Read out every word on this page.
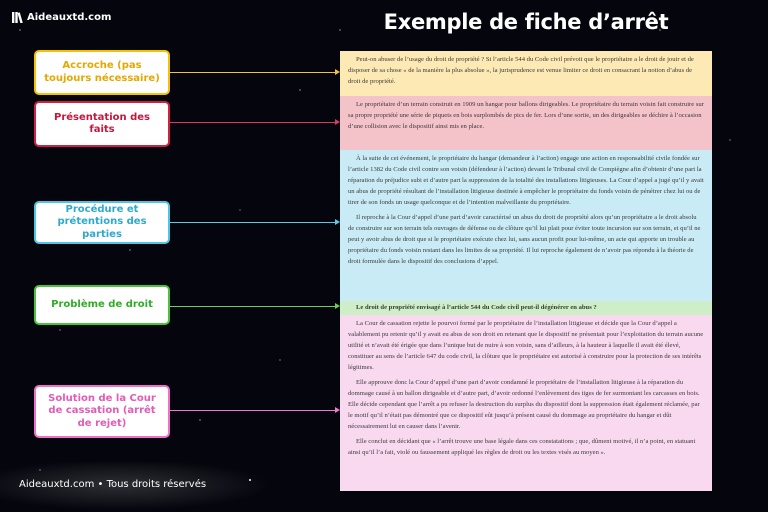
Aideauxtd.com	Exemple de fiche d’arrêt
Accroche (pas toujours nécessaire)
Présentation des faits
Procédure et prétentions des parties
Problème de droit
Solution de la Cour de cassation (arrêt de rejet)

Peut-on abuser de l’usage du droit de propriété ? Si l’article 544 du Code civil prévoit que le propriétaire a le droit de jouir et de disposer de sa chose « de la manière la plus absolue », la jurisprudence est venue limiter ce droit en consacrant la notion d’abus de droit de propriété.

Le propriétaire d’un terrain construit en 1909 un hangar pour ballons dirigeables. Le propriétaire du terrain voisin fait construire sur sa propre propriété une série de piquets en bois surplombés de pics de fer. Lors d’une sortie, un des dirigeables se déchire à l’occasion d’une collision avec le dispositif ainsi mis en place.

À la suite de cet événement, le propriétaire du hangar (demandeur à l’action) engage une action en responsabilité civile fondée sur l’article 1382 du Code civil contre son voisin (défendeur à l’action) devant le Tribunal civil de Compiègne afin d’obtenir d’une part la réparation du préjudice subi et d’autre part la suppression de la totalité des installations litigieuses. La Cour d’appel a jugé qu’il y avait un abus de propriété résultant de l’installation litigieuse destinée à empêcher le propriétaire du fonds voisin de pénétrer chez lui ou de tirer de son fonds un usage quelconque et de l’intention malveillante du propriétaire.

Il reproche à la Cour d’appel d’une part d’avoir caractérisé un abus du droit de propriété alors qu’un propriétaire a le droit absolu de construire sur son terrain tels ouvrages de défense ou de clôture qu’il lui plait pour éviter toute incursion sur son terrain, et qu’il ne peut y avoir abus de droit que si le propriétaire exécute chez lui, sans aucun profit pour lui-même, un acte qui apporte un trouble au propriétaire du fonds voisin restant dans les limites de sa propriété. Il lui reproche également de n’avoir pas répondu à la théorie de droit formulée dans le dispositif des conclusions d’appel.

Le droit de propriété envisagé à l’article 544 du Code civil peut-il dégénérer en abus ?

La Cour de cassation rejette le pourvoi formé par le propriétaire de l’installation litigieuse et décide que la Cour d’appel a valablement pu retenir qu’il y avait eu abus de son droit en retenant que le dispositif ne présentait pour l’exploitation du terrain aucune utilité et n’avait été érigée que dans l’unique but de nuire à son voisin, sans d’ailleurs, à la hauteur à laquelle il avait été élevé, constituer au sens de l’article 647 du code civil, la clôture que le propriétaire est autorisé à construire pour la protection de ses intérêts légitimes.

Elle approuve donc la Cour d’appel d’une part d’avoir condamné le propriétaire de l’installation litigieuse à la réparation du dommage causé à un ballon dirigeable et d’autre part, d’avoir ordonné l’enlèvement des tiges de fer surmontant les carcasses en bois. Elle décide cependant que l’arrêt a pu refuser la destruction du surplus du dispositif dont la suppression était également réclamée, par le motif qu’il n’était pas démontré que ce dispositif eût jusqu’à présent causé du dommage au propriétaire du hangar et dût nécessairement lui en causer dans l’avenir.

Elle conclut en décidant que « l’arrêt trouve une base légale dans ces constatations ; que, dûment motivé, il n’a point, en statuant ainsi qu’il l’a fait, violé ou faussement appliqué les règles de droit ou les textes visés au moyen ».

Aideauxtd.com • Tous droits réservés
